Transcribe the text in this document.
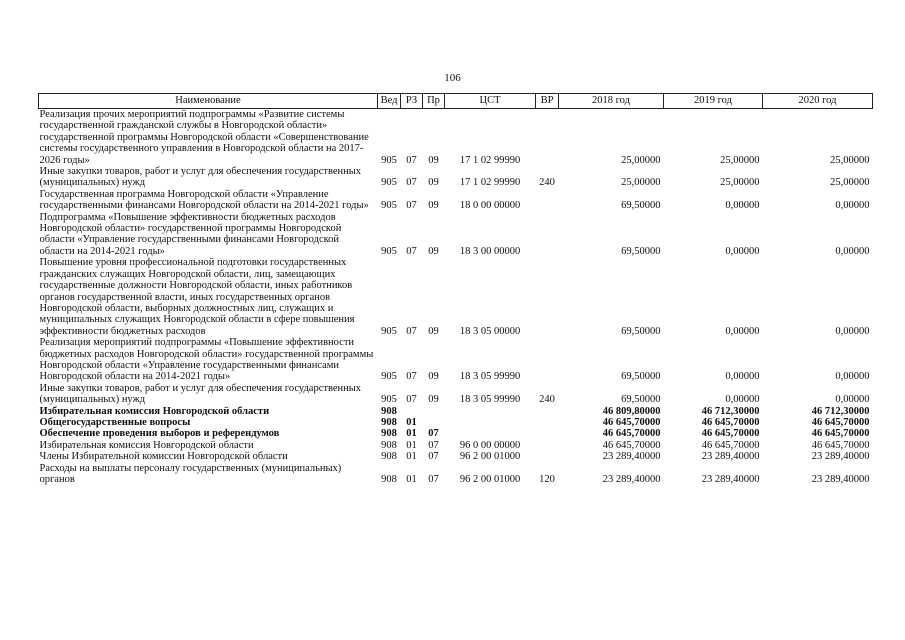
106
Наименование	Вед	РЗ	Пр	ЦСТ	ВР	2018 год	2019 год	2020 год
Реализация прочих мероприятий подпрограммы «Развитие системы государственной гражданской службы в Новгородской области» государственной программы Новгородской области «Совершенствование системы государственного управления в Новгородской области на 2017-2026 годы»	905	07	09	17 1 02 99990		25,00000	25,00000	25,00000
Иные закупки товаров, работ и услуг для обеспечения государственных (муниципальных) нужд	905	07	09	17 1 02 99990	240	25,00000	25,00000	25,00000
Государственная программа Новгородской области «Управление государственными финансами Новгородской области на 2014-2021 годы»	905	07	09	18 0 00 00000		69,50000	0,00000	0,00000
Подпрограмма «Повышение эффективности бюджетных расходов Новгородской области» государственной программы Новгородской области «Управление государственными финансами Новгородской области на 2014-2021 годы»	905	07	09	18 3 00 00000		69,50000	0,00000	0,00000
Повышение уровня профессиональной подготовки государственных гражданских служащих Новгородской области, лиц, замещающих государственные должности Новгородской области, иных работников органов государственной власти, иных государственных органов Новгородской области, выборных должностных лиц, служащих и муниципальных служащих Новгородской области в сфере повышения эффективности бюджетных расходов	905	07	09	18 3 05 00000		69,50000	0,00000	0,00000
Реализация мероприятий подпрограммы «Повышение эффективности бюджетных расходов Новгородской области» государственной программы Новгородской области «Управление государственными финансами Новгородской области на 2014-2021 годы»	905	07	09	18 3 05 99990		69,50000	0,00000	0,00000
Иные закупки товаров, работ и услуг для обеспечения государственных (муниципальных) нужд	905	07	09	18 3 05 99990	240	69,50000	0,00000	0,00000
Избирательная комиссия Новгородской области	908					46 809,80000	46 712,30000	46 712,30000
Общегосударственные вопросы	908	01				46 645,70000	46 645,70000	46 645,70000
Обеспечение проведения выборов и референдумов	908	01	07			46 645,70000	46 645,70000	46 645,70000
Избирательная комиссия Новгородской области	908	01	07	96 0 00 00000		46 645,70000	46 645,70000	46 645,70000
Члены Избирательной комиссии Новгородской области	908	01	07	96 2 00 01000		23 289,40000	23 289,40000	23 289,40000
Расходы на выплаты персоналу государственных (муниципальных) органов	908	01	07	96 2 00 01000	120	23 289,40000	23 289,40000	23 289,40000
